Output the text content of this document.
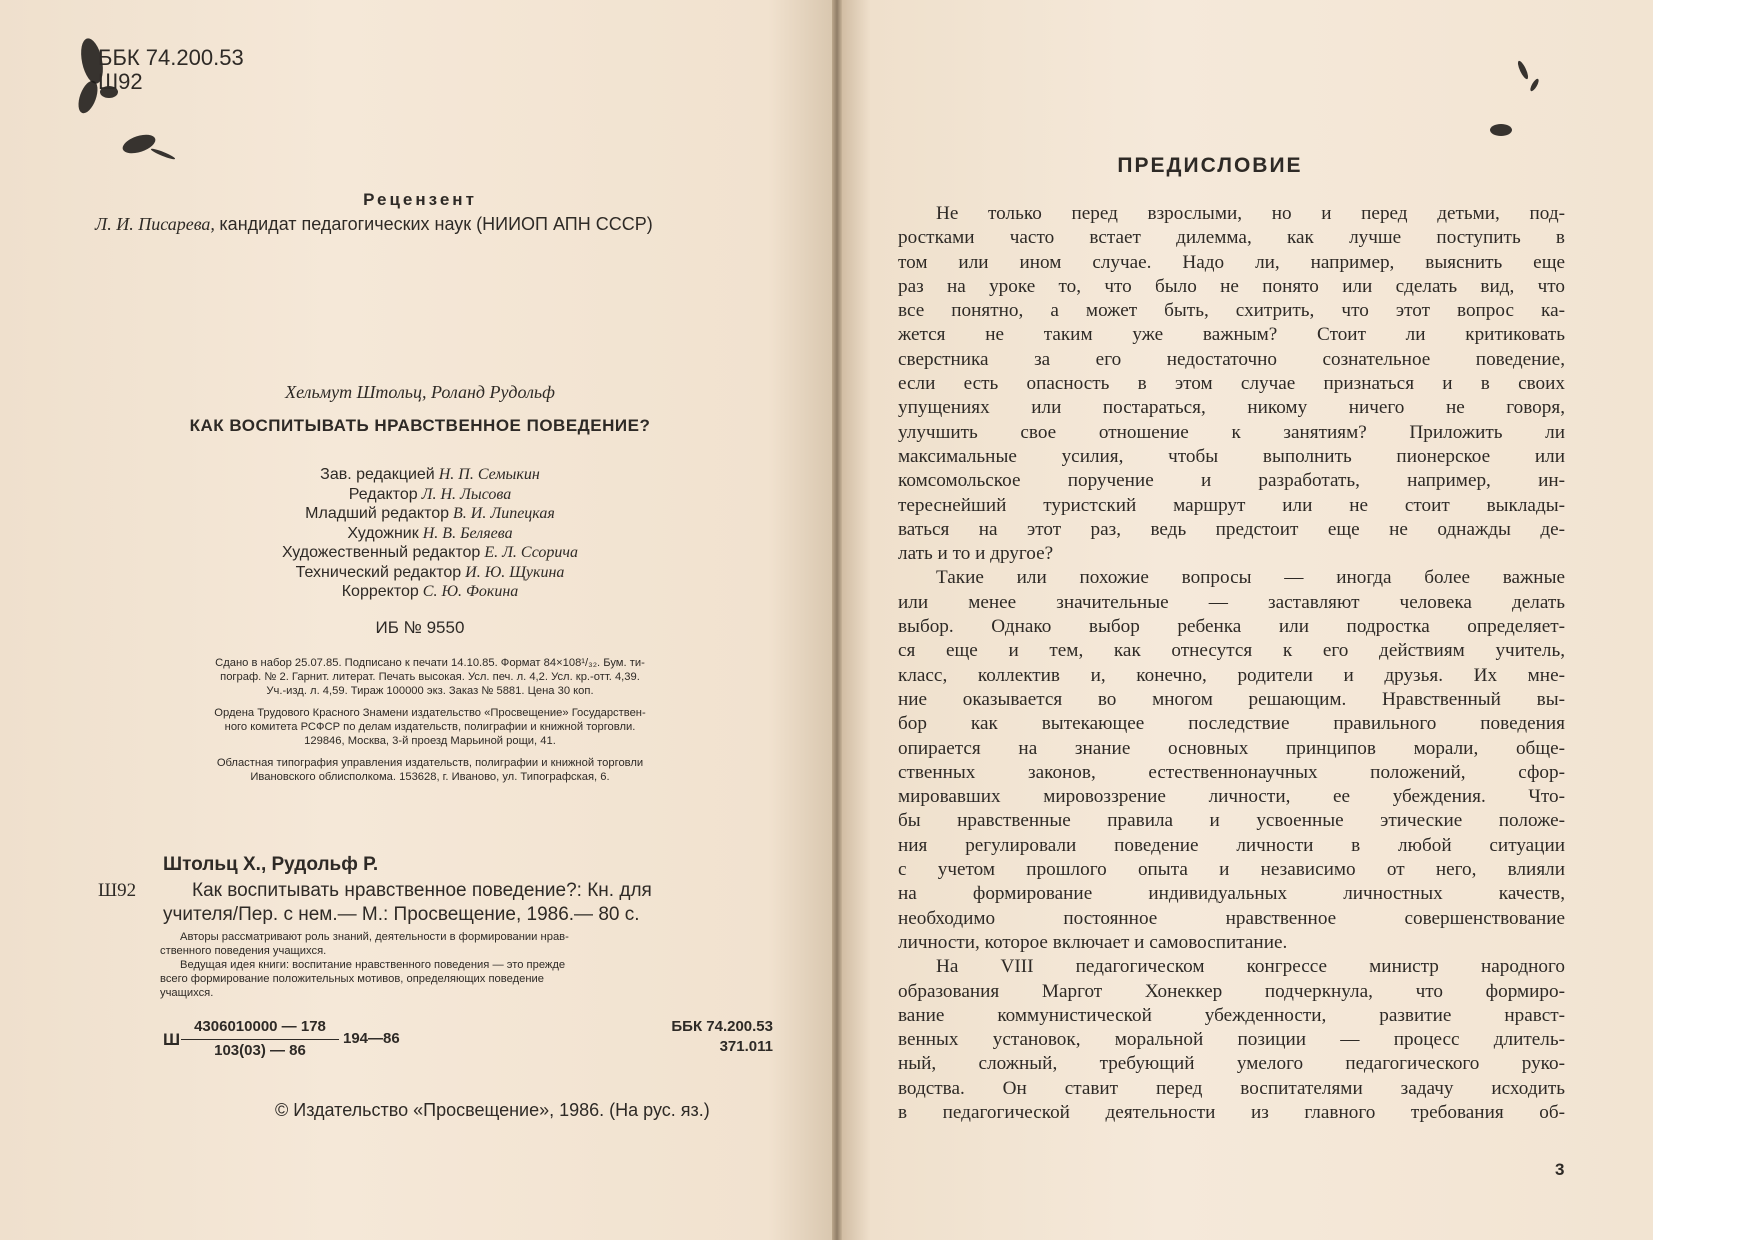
ББК 74.200.53
Ш92
Рецензент
Л. И. Писарева, кандидат педагогических наук (НИИОП АПН СССР)
Хельмут Штольц, Роланд Рудольф
КАК ВОСПИТЫВАТЬ НРАВСТВЕННОЕ ПОВЕДЕНИЕ?
Зав. редакцией Н. П. Семыкин
Редактор Л. Н. Лысова
Младший редактор В. И. Липецкая
Художник Н. В. Беляева
Художественный редактор Е. Л. Ссорича
Технический редактор И. Ю. Щукина
Корректор С. Ю. Фокина
ИБ № 9550
Сдано в набор 25.07.85. Подписано к печати 14.10.85. Формат 84×108¹/₃₂. Бум. ти-
пограф. № 2. Гарнит. литерат. Печать высокая. Усл. печ. л. 4,2. Усл. кр.-отт. 4,39.
Уч.-изд. л. 4,59. Тираж 100000 экз. Заказ № 5881. Цена 30 коп.
Ордена Трудового Красного Знамени издательство «Просвещение» Государствен-
ного комитета РСФСР по делам издательств, полиграфии и книжной торговли.
129846, Москва, 3-й проезд Марьиной рощи, 41.
Областная типография управления издательств, полиграфии и книжной торговли
Ивановского облисполкома. 153628, г. Иваново, ул. Типографская, 6.
Штольц Х., Рудольф Р.
Ш92	Как воспитывать нравственное поведение?: Кн. для
учителя/Пер. с нем.— М.: Просвещение, 1986.— 80 с.
Авторы рассматривают роль знаний, деятельности в формировании нрав-
ственного поведения учащихся.
Ведущая идея книги: воспитание нравственного поведения — это прежде
всего формирование положительных мотивов, определяющих поведение
учащихся.
Ш
4306010000 — 178
103(03) — 86
194—86
ББК 74.200.53
371.011
© Издательство «Просвещение», 1986. (На рус. яз.)
ПРЕДИСЛОВИЕ

Не только перед взрослыми, но и перед детьми, под-

ростками часто встает дилемма, как лучше поступить в

том или ином случае. Надо ли, например, выяснить еще

раз на уроке то, что было не понято или сделать вид, что

все понятно, а может быть, схитрить, что этот вопрос ка-

жется не таким уже важным? Стоит ли критиковать

сверстника за его недостаточно сознательное поведение,

если есть опасность в этом случае признаться и в своих

упущениях или постараться, никому ничего не говоря,

улучшить свое отношение к занятиям? Приложить ли

максимальные усилия, чтобы выполнить пионерское или

комсомольское поручение и разработать, например, ин-

тереснейший туристский маршрут или не стоит выклады-

ваться на этот раз, ведь предстоит еще не однажды де-

лать и то и другое?

Такие или похожие вопросы — иногда более важные

или менее значительные — заставляют человека делать

выбор. Однако выбор ребенка или подростка определяет-

ся еще и тем, как отнесутся к его действиям учитель,

класс, коллектив и, конечно, родители и друзья. Их мне-

ние оказывается во многом решающим. Нравственный вы-

бор как вытекающее последствие правильного поведения

опирается на знание основных принципов морали, обще-

ственных законов, естественнонаучных положений, сфор-

мировавших мировоззрение личности, ее убеждения. Что-

бы нравственные правила и усвоенные этические положе-

ния регулировали поведение личности в любой ситуации

с учетом прошлого опыта и независимо от него, влияли

на формирование индивидуальных личностных качеств,

необходимо постоянное нравственное совершенствование

личности, которое включает и самовоспитание.

На VIII педагогическом конгрессе министр народного

образования Маргот Хонеккер подчеркнула, что формиро-

вание коммунистической убежденности, развитие нравст-

венных установок, моральной позиции — процесс длитель-

ный, сложный, требующий умелого педагогического руко-

водства. Он ставит перед воспитателями задачу исходить

в педагогической деятельности из главного требования об-

3
